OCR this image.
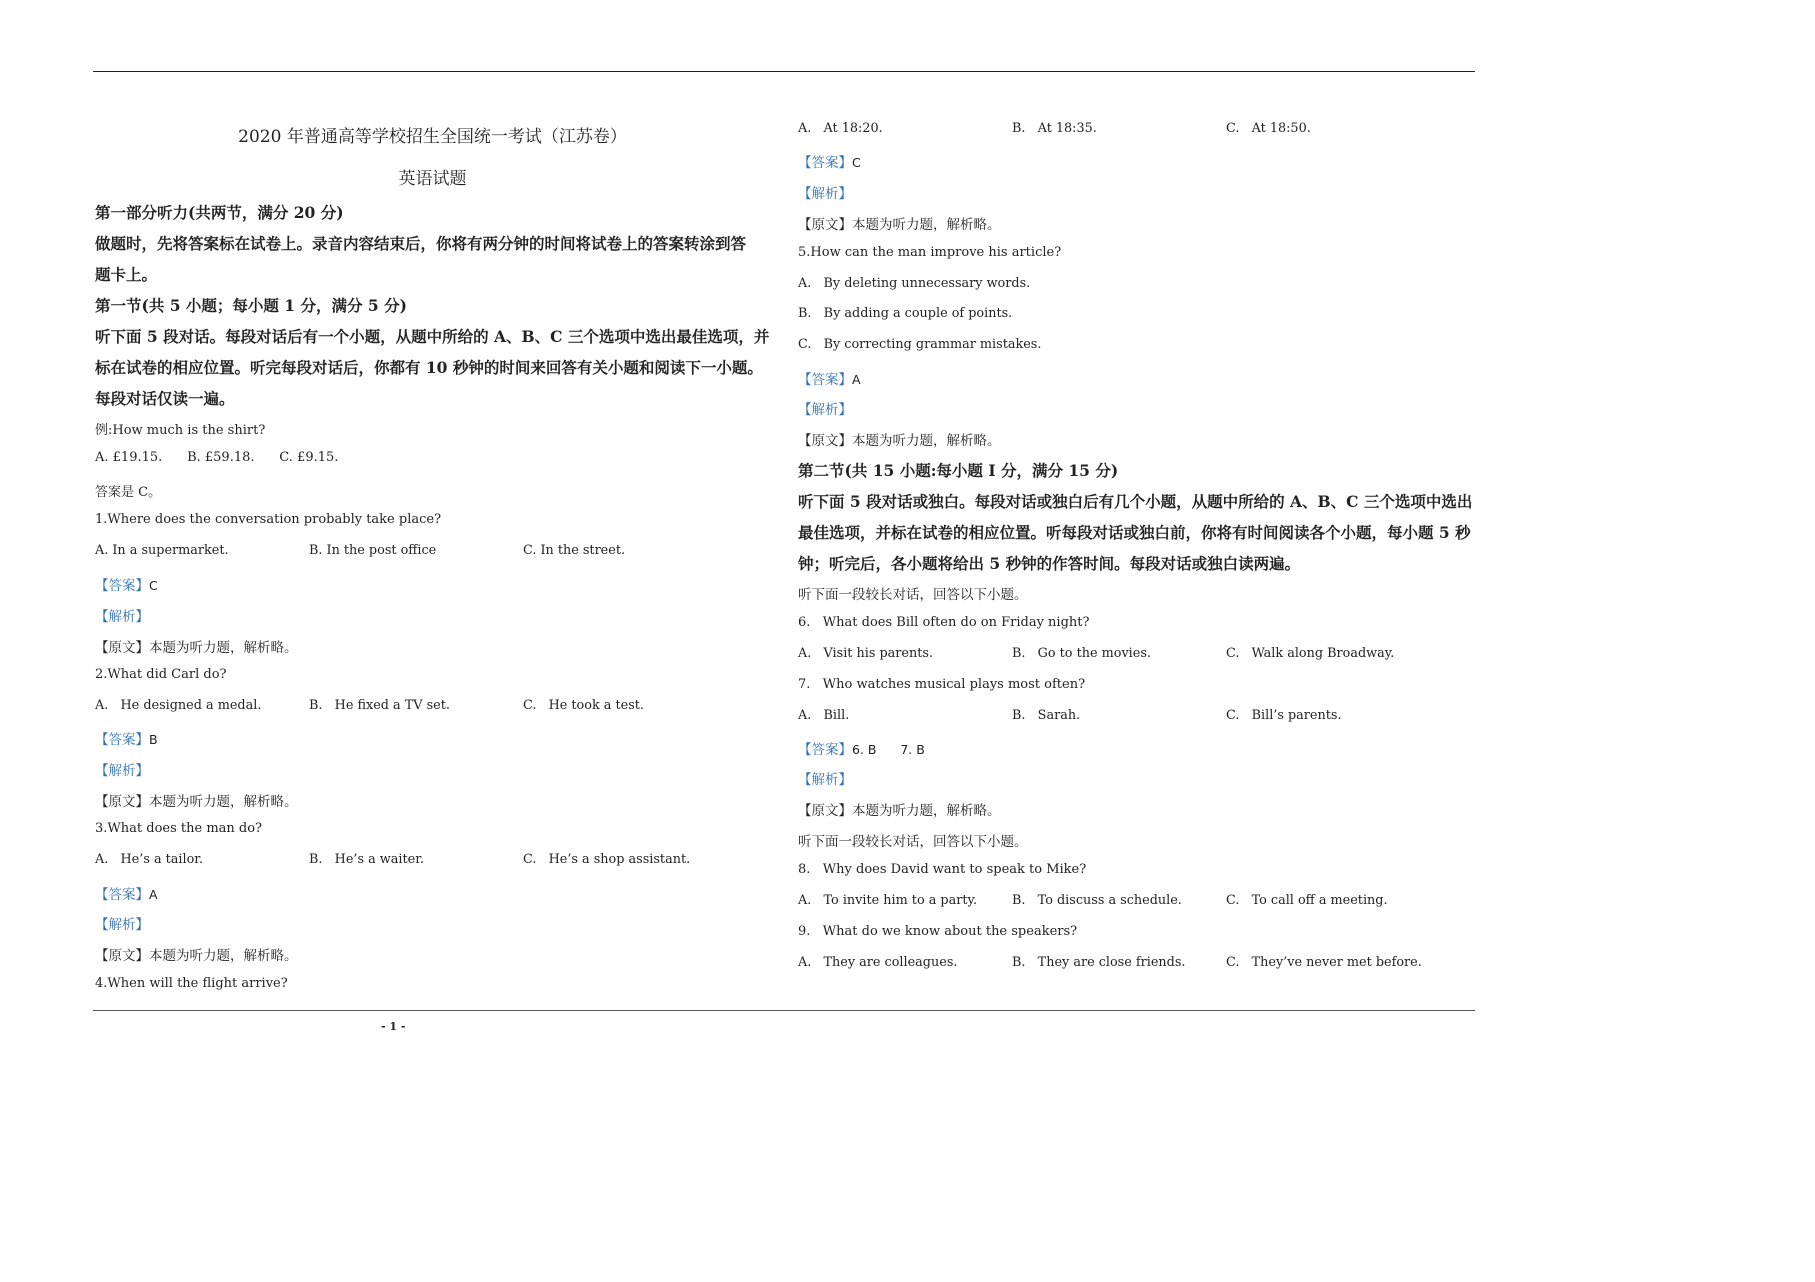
2020 年普通高等学校招生全国统一考试（江苏卷）
英语试题
第一部分听力(共两节，满分 20 分)
做题时，先将答案标在试卷上。录音内容结束后，你将有两分钟的时间将试卷上的答案转涂到答
题卡上。
第一节(共 5 小题；每小题 1 分，满分 5 分)
听下面 5 段对话。每段对话后有一个小题，从题中所给的 A、B、C 三个选项中选出最佳选项，并
标在试卷的相应位置。听完每段对话后，你都有 10 秒钟的时间来回答有关小题和阅读下一小题。
每段对话仅读一遍。
例:How much is the shirt?
A. £19.15.      B. £59.18.      C. £9.15.
答案是 C。
1.Where does the conversation probably take place?
A. In a supermarket.	B. In the post office	C. In the street.
【答案】C
【解析】
【原文】本题为听力题，解析略。
2.What did Carl do?
A.   He designed a medal.	B.   He fixed a TV set.	C.   He took a test.
【答案】B
【解析】
【原文】本题为听力题，解析略。
3.What does the man do?
A.   He’s a tailor.	B.   He’s a waiter.	C.   He’s a shop assistant.
【答案】A
【解析】
【原文】本题为听力题，解析略。
4.When will the flight arrive?
A.   At 18:20.	B.   At 18:35.	C.   At 18:50.
【答案】C
【解析】
【原文】本题为听力题，解析略。
5.How can the man improve his article?
A.   By deleting unnecessary words.
B.   By adding a couple of points.
C.   By correcting grammar mistakes.
【答案】A
【解析】
【原文】本题为听力题，解析略。
第二节(共 15 小题:每小题 I 分，满分 15 分)
听下面 5 段对话或独白。每段对话或独白后有几个小题，从题中所给的 A、B、C 三个选项中选出
最佳选项，并标在试卷的相应位置。听每段对话或独白前，你将有时间阅读各个小题，每小题 5 秒
钟；听完后，各小题将给出 5 秒钟的作答时间。每段对话或独白读两遍。
听下面一段较长对话，回答以下小题。
6.   What does Bill often do on Friday night?
A.   Visit his parents.	B.   Go to the movies.	C.   Walk along Broadway.
7.   Who watches musical plays most often?
A.   Bill.	B.   Sarah.	C.   Bill’s parents.
【答案】6. B      7. B
【解析】
【原文】本题为听力题，解析略。
听下面一段较长对话，回答以下小题。
8.   Why does David want to speak to Mike?
A.   To invite him to a party.	B.   To discuss a schedule.	C.   To call off a meeting.
9.   What do we know about the speakers?
A.   They are colleagues.	B.   They are close friends.	C.   They’ve never met before.
- 1 -
